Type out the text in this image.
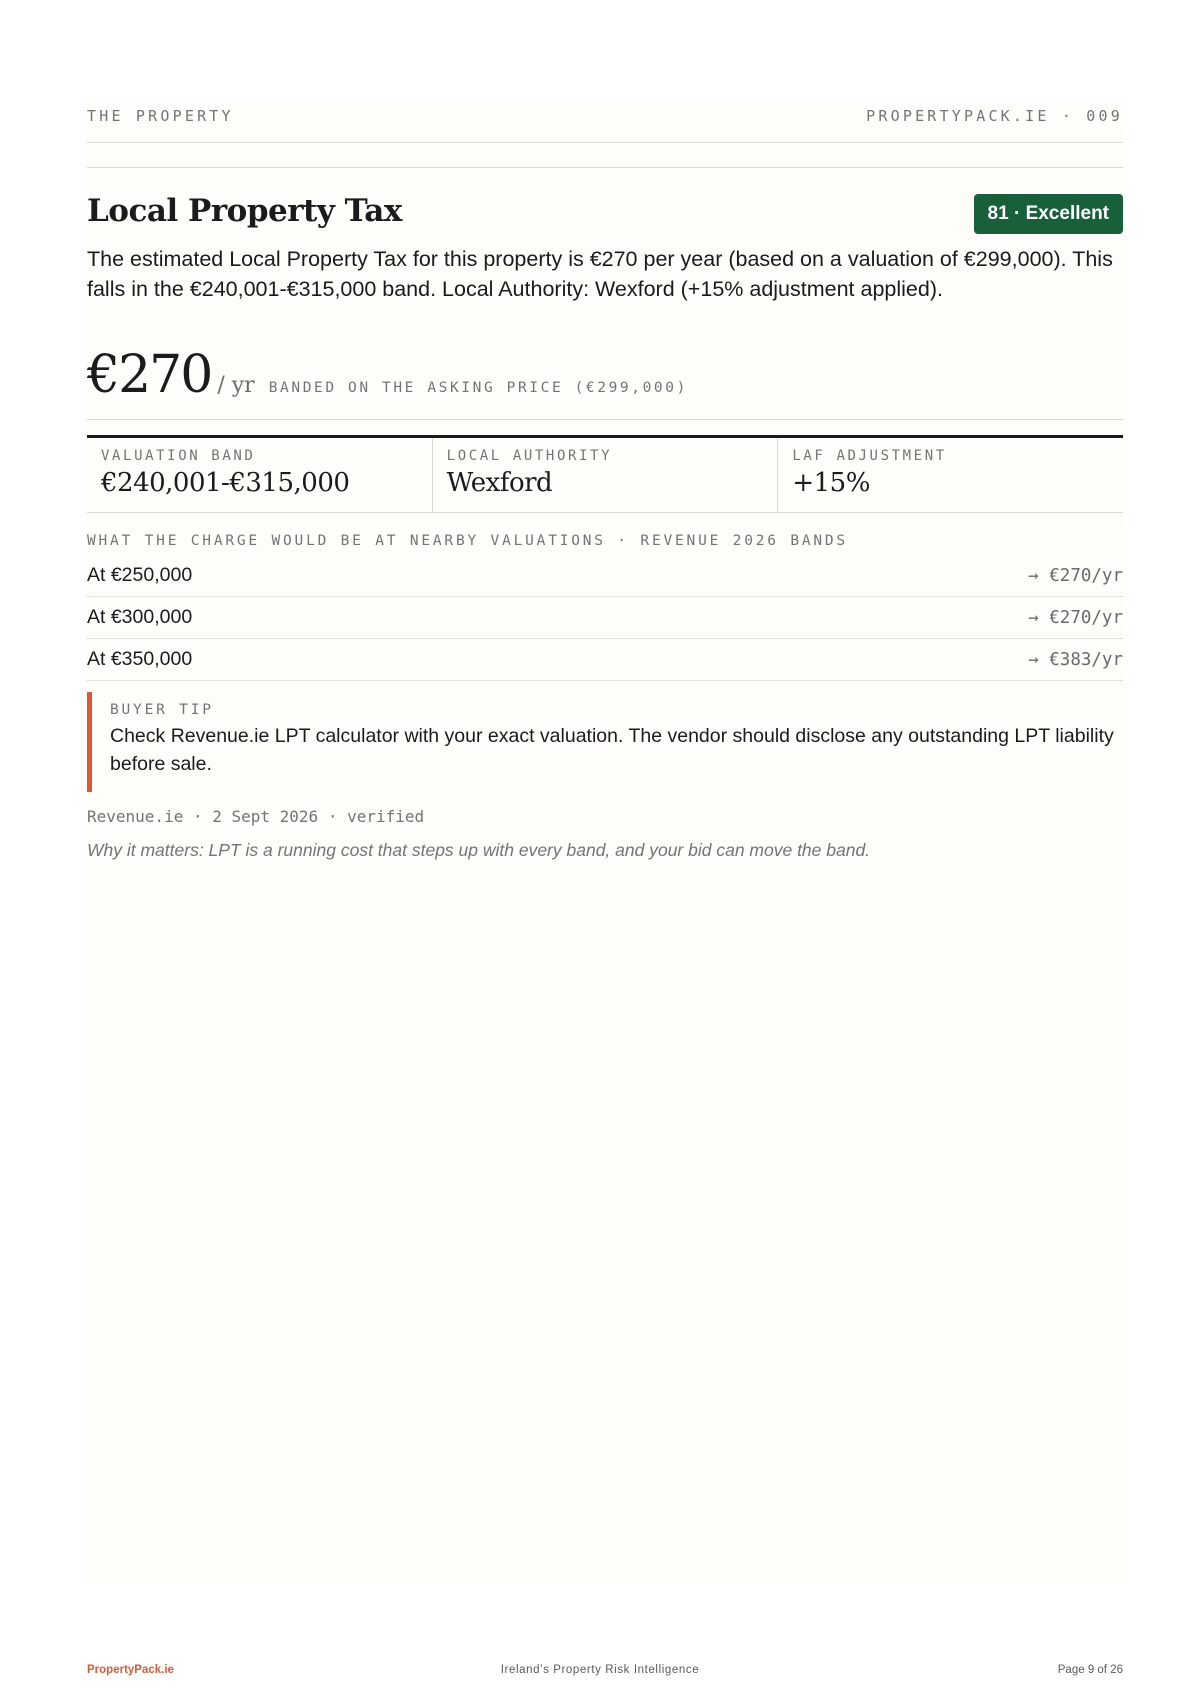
THE PROPERTY	PROPERTYPACK.IE · 009
Local Property Tax	81 · Excellent

The estimated Local Property Tax for this property is €270 per year (based on a valuation of €299,000). This falls in the €240,001-€315,000 band. Local Authority: Wexford (+15% adjustment applied).

€270 / yr BANDED ON THE ASKING PRICE (€299,000)
VALUATION BAND
€240,001-€315,000
LOCAL AUTHORITY
Wexford
LAF ADJUSTMENT
+15%
WHAT THE CHARGE WOULD BE AT NEARBY VALUATIONS · REVENUE 2026 BANDS
At €250,000	→ €270/yr
At €300,000	→ €270/yr
At €350,000	→ €383/yr
BUYER TIP
Check Revenue.ie LPT calculator with your exact valuation. The vendor should disclose any outstanding LPT liability before sale.
Revenue.ie · 2 Sept 2026 · verified
Why it matters: LPT is a running cost that steps up with every band, and your bid can move the band.
PropertyPack.ie	Ireland’s Property Risk Intelligence	Page 9 of 26
